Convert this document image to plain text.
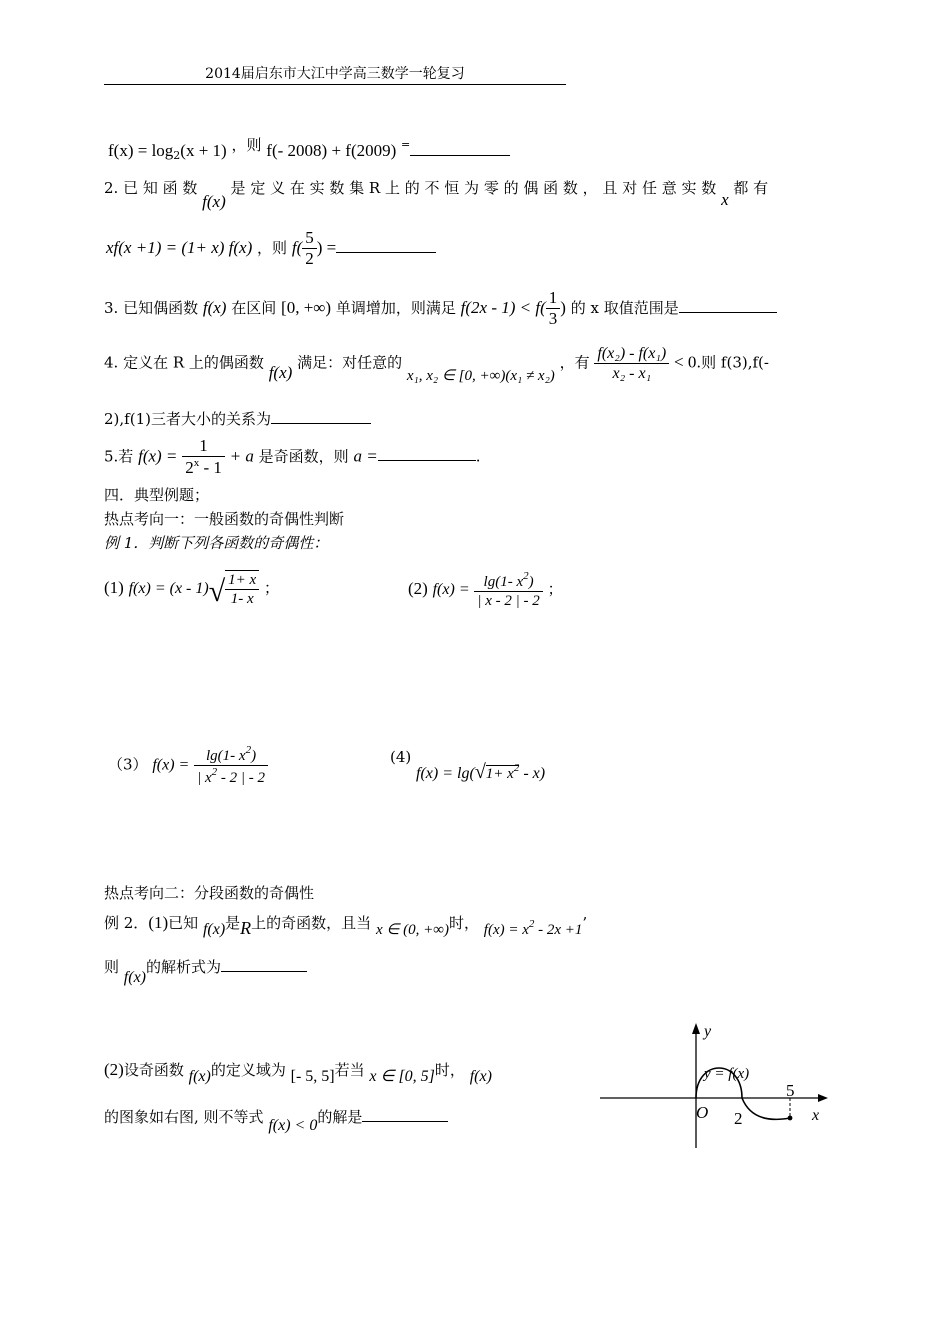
2014届启东市大江中学高三数学一轮复习
$f(x) = \log_2(x + 1)$ ，则 f(- 2008) + f(2009) =
2. 已 知 函 数 f(x) 是 定 义 在 实 数 集 R 上 的 不 恒 为 零 的 偶 函 数 ， 且 对 任 意 实 数 x 都 有
xf(x +1) = (1+ x) f(x) ，则 $f( \frac{5}{2}$ ) =
3. 已知偶函数 f(x) 在区间 [0, +∞) 单调增加，则满足 $f(2x - 1) < f( \frac{1}{3}$ ) 的 x 取值范围是
4. 定义在 R 上的偶函数 f(x) 满足：对任意的 x₁, x₂ ∈ [0, +∞)(x₁ ≠ x₂) ，有 $\frac{\text{f(x₂) - f(x₁)}}{\text{x₂ - x₁}} < 0$.则 f(3),f(-
2),f(1)三者大小的关系为
5.若 $f(x) = \frac{1}{2^x - 1} + a$ 是奇函数，则 a =	.
四．典型例题；
热点考向一：一般函数的奇偶性判断
例 1．判断下列各函数的奇偶性：
(1) $f(x) = (x - 1)√ \frac{1+ x}{1- x}$ ；	(2) $f(x) = \frac{\lg(1- x^2)}{| x - 2 | - 2}$ ；
（3） $f(x) = \frac{\lg(1- x^2)}{| x^2 - 2 | - 2}$	(4) $f(x) = \lg(√1+ x^2 - x)$
热点考向二：分段函数的奇偶性
例 2．(1)已知 f(x)是R上的奇函数，且当 x ∈ (0, +∞)时， $f(x) = x^2 - 2x +1$’
则 f(x)的解析式为
(2)设奇函数 f(x)的定义域为 [- 5, 5]若当 x ∈ [0, 5]时， f(x)
的图象如右图, 则不等式 f(x) < 0的解是
y
x
O 2
5
y = f(x)
